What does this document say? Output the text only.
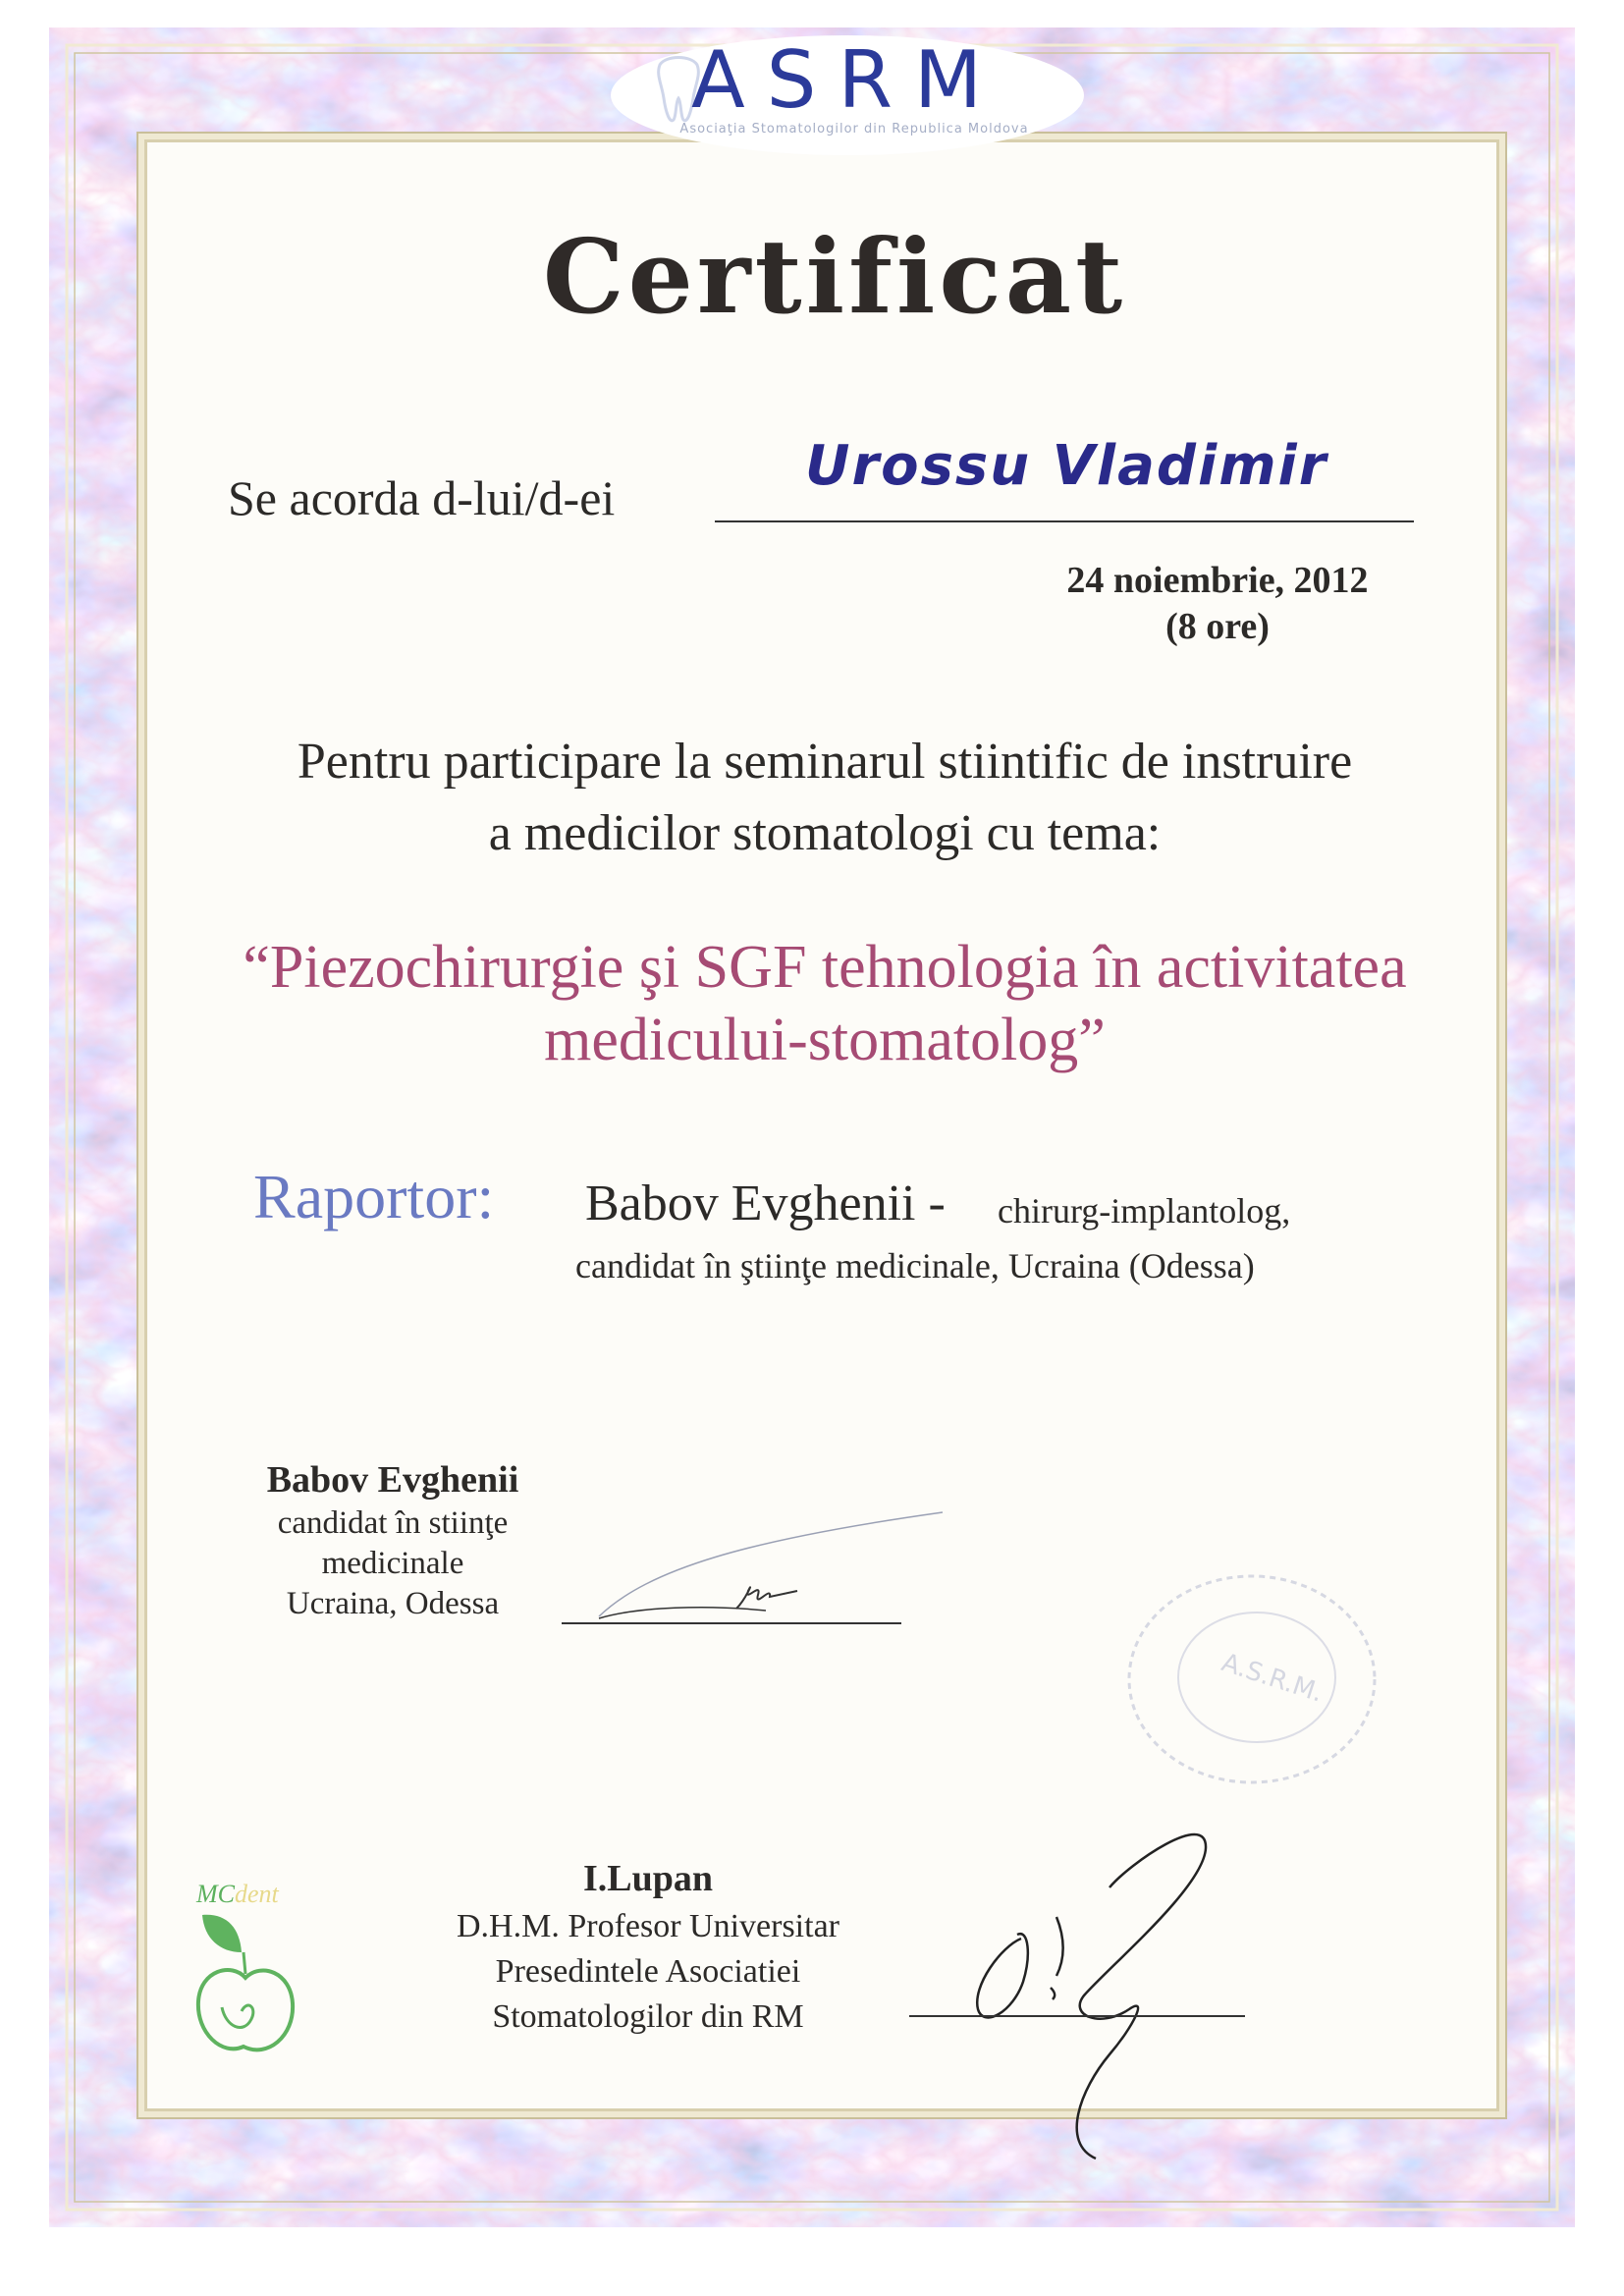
ASRM
Asociaţia Stomatologilor din Republica Moldova
Certificat
Se acorda d-lui/d-ei	Urossu Vladimir
24 noiembrie, 2012
(8 ore)
Pentru participare la seminarul stiintific de instruire
a medicilor stomatologi cu tema:
“Piezochirurgie şi SGF tehnologia în activitatea
medicului-stomatolog”
Raportor: Babov Evghenii - chirurg-implantolog,
candidat în ştiinţe medicinale, Ucraina (Odessa)
Babov Evghenii
candidat în stiinţe
medicinale
Ucraina, Odessa
A.S.R.M.
MCdent	I.Lupan
D.H.M. Profesor Universitar
Presedintele Asociatiei
Stomatologilor din RM
